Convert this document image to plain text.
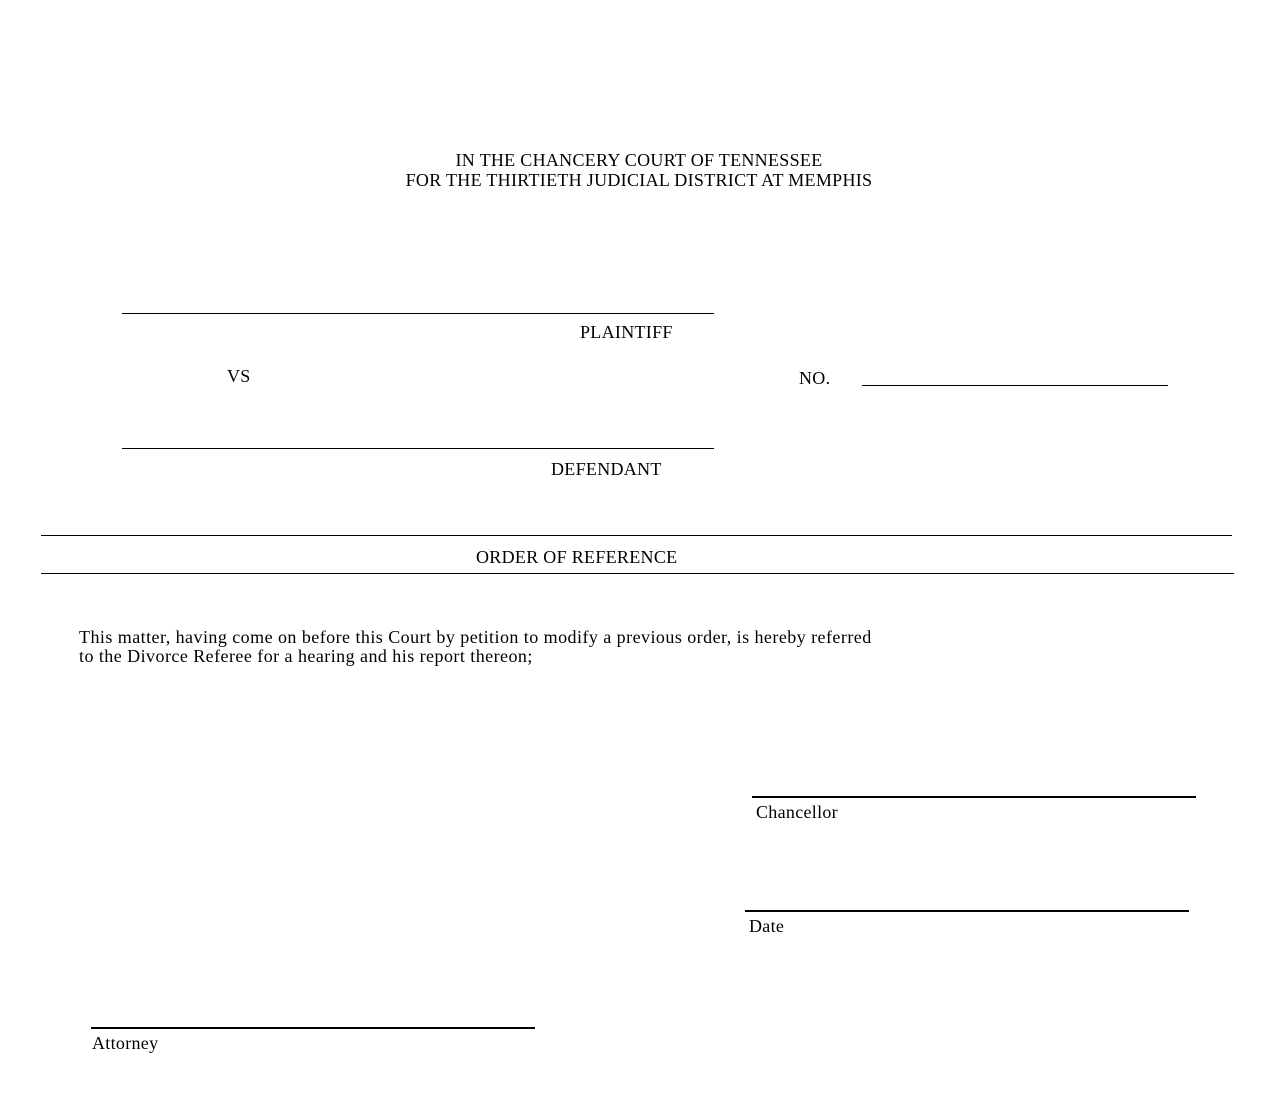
IN THE CHANCERY COURT OF TENNESSEE
FOR THE THIRTIETH JUDICIAL DISTRICT AT MEMPHIS
PLAINTIFF
VS	NO.
DEFENDANT
ORDER OF REFERENCE
This matter, having come on before this Court by petition to modify a previous order, is hereby referred
to the Divorce Referee for a hearing and his report thereon;
Chancellor
Date
Attorney
